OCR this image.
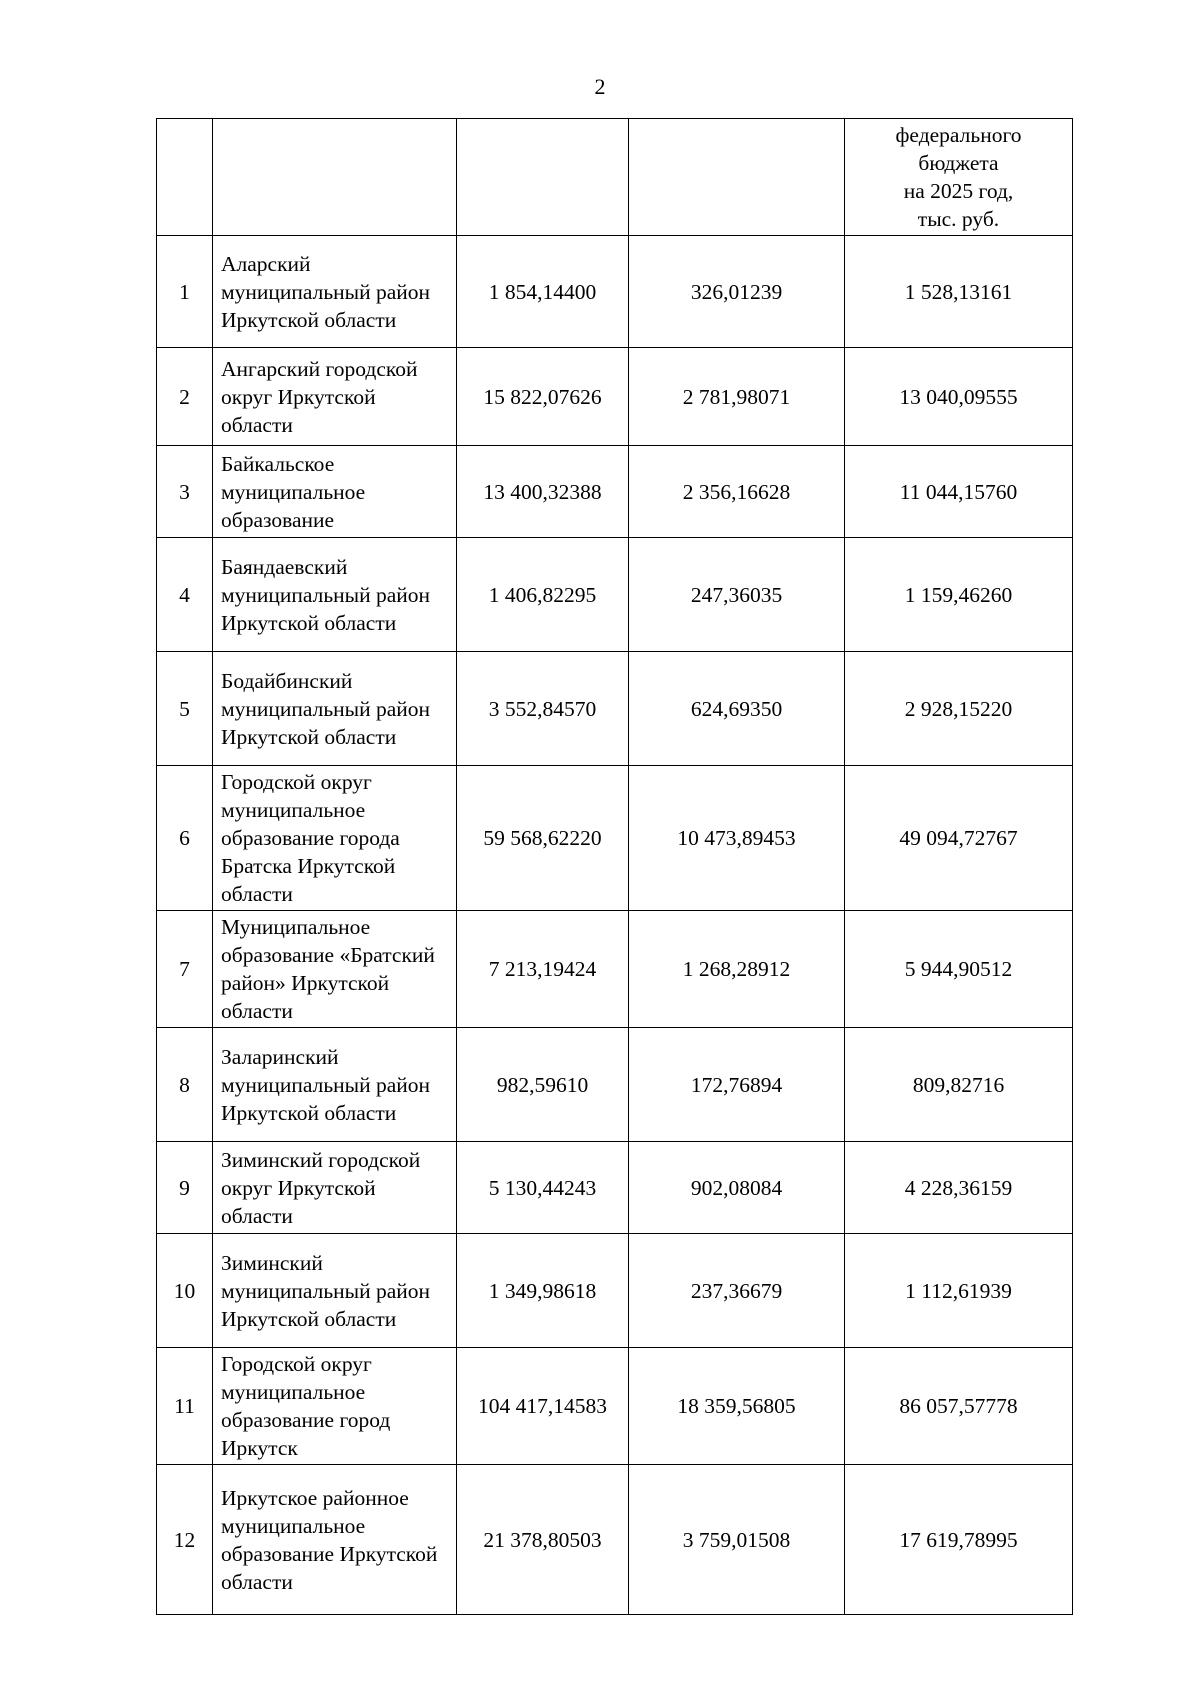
2

				федерального
бюджета
на 2025 год,
тыс. руб.

1	Аларский муниципальный район Иркутской области	1 854,14400	326,01239	1 528,13161
2	Ангарский городской округ Иркутской области	15 822,07626	2 781,98071	13 040,09555
3	Байкальское муниципальное образование	13 400,32388	2 356,16628	11 044,15760
4	Баяндаевский муниципальный район Иркутской области	1 406,82295	247,36035	1 159,46260
5	Бодайбинский муниципальный район Иркутской области	3 552,84570	624,69350	2 928,15220
6	Городской округ муниципальное образование города Братска Иркутской области	59 568,62220	10 473,89453	49 094,72767
7	Муниципальное образование «Братский район» Иркутской области	7 213,19424	1 268,28912	5 944,90512
8	Заларинский муниципальный район Иркутской области	982,59610	172,76894	809,82716
9	Зиминский городской округ Иркутской области	5 130,44243	902,08084	4 228,36159
10	Зиминский муниципальный район Иркутской области	1 349,98618	237,36679	1 112,61939
11	Городской округ муниципальное образование город Иркутск	104 417,14583	18 359,56805	86 057,57778
12	Иркутское районное муниципальное образование Иркутской области	21 378,80503	3 759,01508	17 619,78995
